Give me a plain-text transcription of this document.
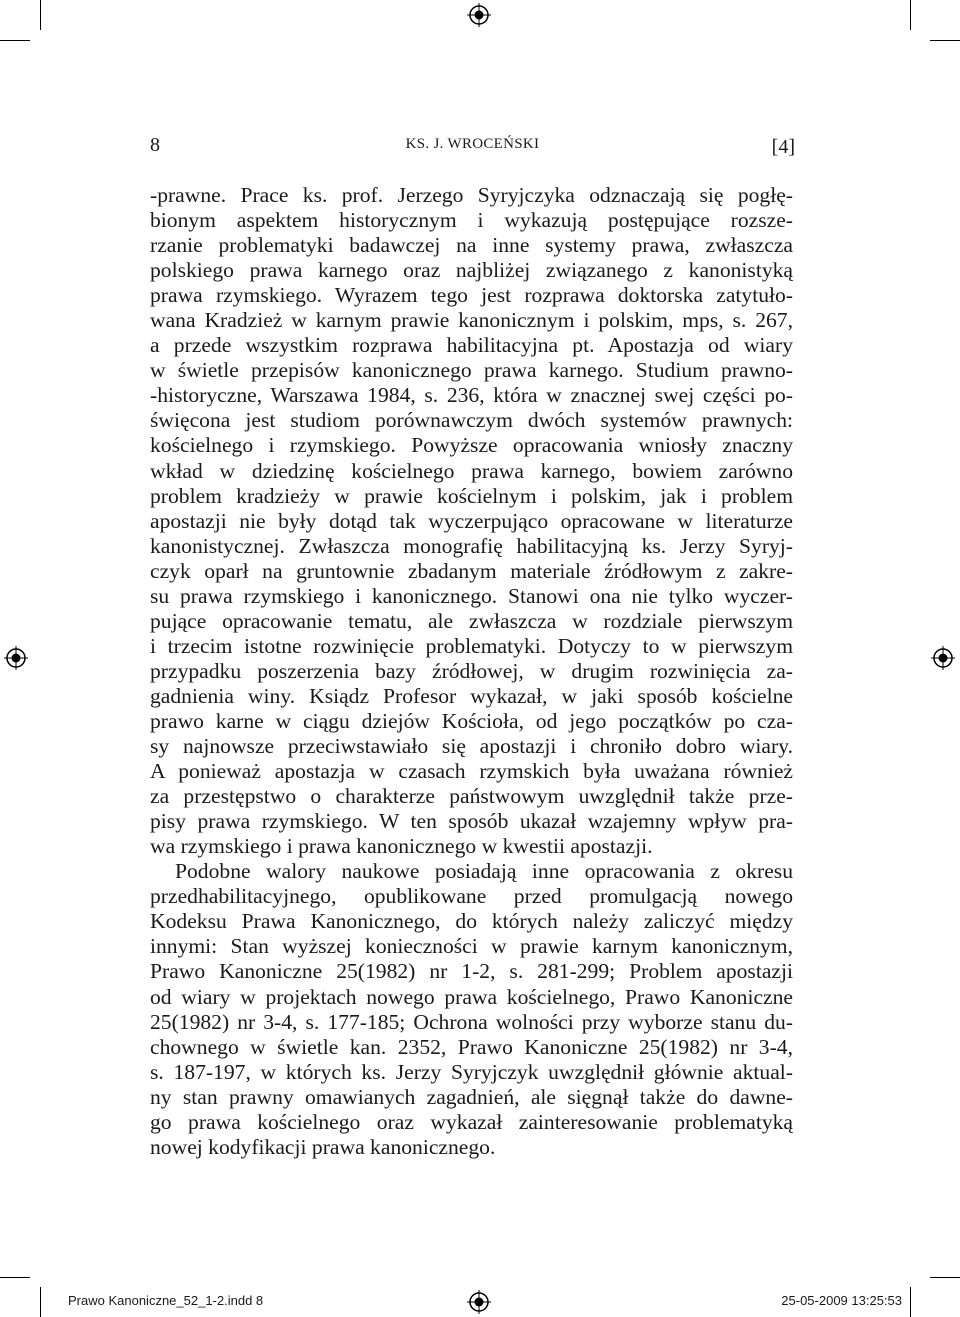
8	KS. J. WROCEŃSKI	[4]
-prawne. Prace ks. prof. Jerzego Syryjczyka odznaczają się pogłę-
bionym aspektem historycznym i wykazują postępujące rozsze-
rzanie problematyki badawczej na inne systemy prawa, zwłaszcza
polskiego prawa karnego oraz najbliżej związanego z kanonistyką
prawa rzymskiego. Wyrazem tego jest rozprawa doktorska zatytuło-
wana Kradzież w karnym prawie kanonicznym i polskim, mps, s. 267,
a przede wszystkim rozprawa habilitacyjna pt. Apostazja od wiary
w świetle przepisów kanonicznego prawa karnego. Studium prawno-
-historyczne, Warszawa 1984, s. 236, która w znacznej swej części po-
święcona jest studiom porównawczym dwóch systemów prawnych:
kościelnego i rzymskiego. Powyższe opracowania wniosły znaczny
wkład w dziedzinę kościelnego prawa karnego, bowiem zarówno
problem kradzieży w prawie kościelnym i polskim, jak i problem
apostazji nie były dotąd tak wyczerpująco opracowane w literaturze
kanonistycznej. Zwłaszcza monografię habilitacyjną ks. Jerzy Syryj-
czyk oparł na gruntownie zbadanym materiale źródłowym z zakre-
su prawa rzymskiego i kanonicznego. Stanowi ona nie tylko wyczer-
pujące opracowanie tematu, ale zwłaszcza w rozdziale pierwszym
i trzecim istotne rozwinięcie problematyki. Dotyczy to w pierwszym
przypadku poszerzenia bazy źródłowej, w drugim rozwinięcia za-
gadnienia winy. Ksiądz Profesor wykazał, w jaki sposób kościelne
prawo karne w ciągu dziejów Kościoła, od jego początków po cza-
sy najnowsze przeciwstawiało się apostazji i chroniło dobro wiary.
A ponieważ apostazja w czasach rzymskich była uważana również
za przestępstwo o charakterze państwowym uwzględnił także prze-
pisy prawa rzymskiego. W ten sposób ukazał wzajemny wpływ pra-
wa rzymskiego i prawa kanonicznego w kwestii apostazji.
Podobne walory naukowe posiadają inne opracowania z okresu
przedhabilitacyjnego, opublikowane przed promulgacją nowego
Kodeksu Prawa Kanonicznego, do których należy zaliczyć między
innymi: Stan wyższej konieczności w prawie karnym kanonicznym,
Prawo Kanoniczne 25(1982) nr 1-2, s. 281-299; Problem apostazji
od wiary w projektach nowego prawa kościelnego, Prawo Kanoniczne
25(1982) nr 3-4, s. 177-185; Ochrona wolności przy wyborze stanu du-
chownego w świetle kan. 2352, Prawo Kanoniczne 25(1982) nr 3-4,
s. 187-197, w których ks. Jerzy Syryjczyk uwzględnił głównie aktual-
ny stan prawny omawianych zagadnień, ale sięgnął także do dawne-
go prawa kościelnego oraz wykazał zainteresowanie problematyką
nowej kodyfikacji prawa kanonicznego.
Prawo Kanoniczne_52_1-2.indd 8	25-05-2009 13:25:53
